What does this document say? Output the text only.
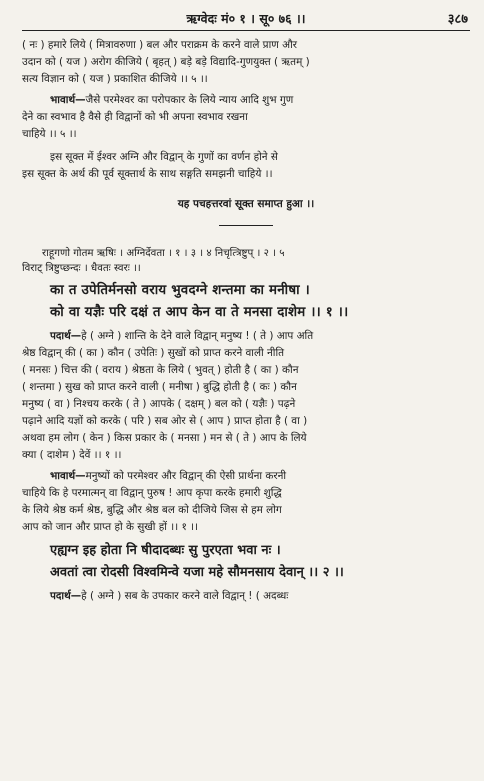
ऋग्वेदः मं० १ । सू० ७६ ।।	३८७

( नः ) हमारे लिये ( मित्रावरुणा ) बल और पराक्रम के करने वाले प्राण और

उदान को ( यज ) अरोग कीजिये ( बृहत् ) बड़े बड़े विद्यादि-गुणयुक्त ( ऋतम् )

सत्य विज्ञान को ( यज ) प्रकाशित कीजिये ।। ५ ।।

भावार्थ—जैसे परमेश्वर का परोपकार के लिये न्याय आदि शुभ गुण

देने का स्वभाव है वैसे ही विद्वानों को भी अपना स्वभाव रखना

चाहिये ।। ५ ।।

इस सूक्त में ईश्वर अग्नि और विद्वान् के गुणों का वर्णन होने से

इस सूक्त के अर्थ की पूर्व सूक्तार्थ के साथ सङ्गति समझनी चाहिये ।।

यह पचहत्तरवां सूक्त समाप्त हुआ ।।

राहूगणो गोतम ऋषिः । अग्निर्देवता । १ । ३ । ४ निचृत्त्रिष्टुप् । २ । ५

विराट् त्रिष्टुप्छन्दः । धैवतः स्वरः ।।

का त उपेतिर्मनसो वराय भुवदग्ने शन्तमा का मनीषा ।

को वा यज्ञैः परि दक्षं त आप केन वा ते मनसा दाशेम ।। १ ।।

पदार्थ—हे ( अग्ने ) शान्ति के देने वाले विद्वान् मनुष्य ! ( ते ) आप अति

श्रेष्ठ विद्वान् की ( का ) कौन ( उपेतिः ) सुखों को प्राप्त करने वाली नीति

( मनसः ) चित्त की ( वराय ) श्रेष्ठता के लिये ( भुवत् ) होती है ( का ) कौन

( शन्तमा ) सुख को प्राप्त करने वाली ( मनीषा ) बुद्धि होती है ( कः ) कौन

मनुष्य ( वा ) निश्चय करके ( ते ) आपके ( दक्षम् ) बल को ( यज्ञैः ) पढ़ने

पढ़ाने आदि यज्ञों को करके ( परि ) सब ओर से ( आप ) प्राप्त होता है ( वा )

अथवा हम लोग ( केन ) किस प्रकार के ( मनसा ) मन से ( ते ) आप के लिये

क्या ( दाशेम ) देवें ।। १ ।।

भावार्थ—मनुष्यों को परमेश्वर और विद्वान् की ऐसी प्रार्थना करनी

चाहिये कि हे परमात्मन् वा विद्वान् पुरुष ! आप कृपा करके हमारी शुद्धि

के लिये श्रेष्ठ कर्म श्रेष्ठ, बुद्धि और श्रेष्ठ बल को दीजिये जिस से हम लोग

आप को जान और प्राप्त हो के सुखी हों ।। १ ।।

एह्यग्न इह होता नि षीदादब्धः सु पुरएता भवा नः ।

अवतां त्वा रोदसी विश्वमिन्वे यजा महे सौमनसाय देवान् ।। २ ।।

पदार्थ—हे ( अग्ने ) सब के उपकार करने वाले विद्वान् ! ( अदब्धः
